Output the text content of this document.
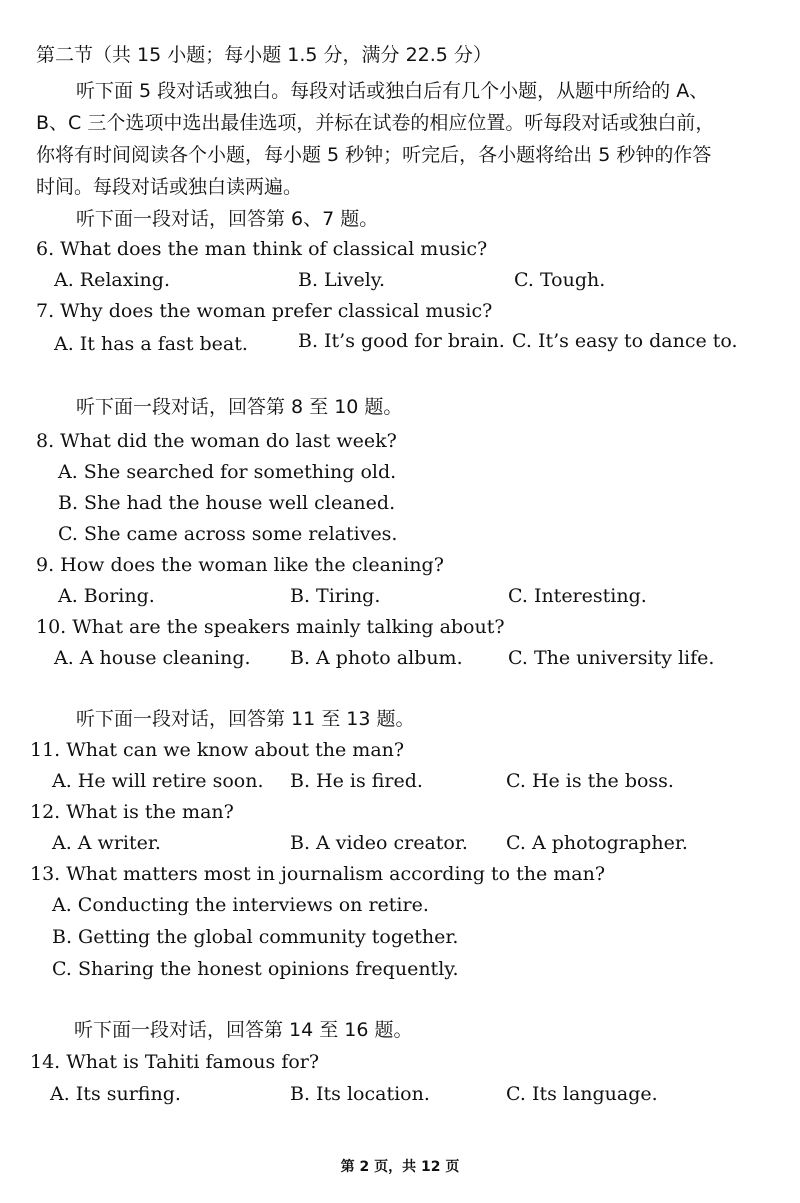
第二节（共 15 小题；每小题 1.5 分，满分 22.5 分）
听下面 5 段对话或独白。每段对话或独白后有几个小题，从题中所给的 A、
B、C 三个选项中选出最佳选项，并标在试卷的相应位置。听每段对话或独白前，
你将有时间阅读各个小题，每小题 5 秒钟；听完后，各小题将给出 5 秒钟的作答
时间。每段对话或独白读两遍。
听下面一段对话，回答第 6、7 题。
6. What does the man think of classical music?
A. Relaxing.	B. Lively.	C. Tough.
7. Why does the woman prefer classical music?
A. It has a fast beat.	B. It’s good for brain. C. It’s easy to dance to.
听下面一段对话，回答第 8 至 10 题。
8. What did the woman do last week?
A. She searched for something old.
B. She had the house well cleaned.
C. She came across some relatives.
9. How does the woman like the cleaning?
A. Boring.	B. Tiring.	C. Interesting.
10. What are the speakers mainly talking about?
A. A house cleaning. B. A photo album. C. The university life.
听下面一段对话，回答第 11 至 13 题。
11. What can we know about the man?
A. He will retire soon. B. He is fired.	C. He is the boss.
12. What is the man?
A. A writer.	B. A video creator. C. A photographer.
13. What matters most in journalism according to the man?
A. Conducting the interviews on retire.
B. Getting the global community together.
C. Sharing the honest opinions frequently.
听下面一段对话，回答第 14 至 16 题。
14. What is Tahiti famous for?
A. Its surfing.	B. Its location.	C. Its language.
第 2 页，共 12 页
